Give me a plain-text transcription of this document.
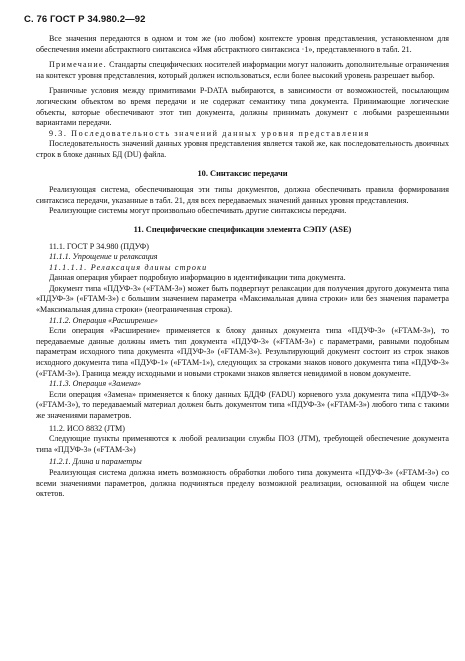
С. 76 ГОСТ Р 34.980.2—92

Все значения передаются в одном и том же (но любом) контексте уровня представления, установленном для обеспечения имени абстрактного синтаксиса «Имя абстрактного синтаксиса ·1», представленного в табл. 21.

Примечание. Стандарты специфических носителей информации могут наложить дополнительные ограничения на контекст уровня представления, который должен использоваться, если более высокий уровень разрешает выбор.

Граничные условия между примитивами P-DATA выбираются, в зависимости от возможностей, посылающим логическим объектом во время передачи и не содержат семантику типа документа. Принимающие логические объекты, которые обеспечивают этот тип документа, должны принимать документ с любыми разрешенными вариантами передачи.

9.3. Последовательность значений данных уровня представления

Последовательность значений данных уровня представления является такой же, как последовательность двоичных строк в блоке данных БД (DU) файла.

10. Синтаксис передачи

Реализующая система, обеспечивающая эти типы документов, должна обеспечивать правила формирования синтаксиса передачи, указанные в табл. 21, для всех передаваемых значений данных уровня представления.

Реализующие системы могут произвольно обеспечивать другие синтаксисы передачи.

11. Специфические спецификации элемента СЭПУ (ASE)

11.1. ГОСТ Р 34.980 (ПДУФ)

11.1.1. Упрощение и релаксация

11.1.1.1. Релаксация длины строки

Данная операция убирает подробную информацию в идентификации типа документа.

Документ типа «ПДУФ-3» («FTAM-3») может быть подвергнут релаксации для получения другого документа типа «ПДУФ-3» («FTAM-3») с большим значением параметра «Максимальная длина строки» или без значения параметра «Максимальная длина строки» (неограниченная строка).

11.1.2. Операция «Расширение»

Если операция «Расширение» применяется к блоку данных документа типа «ПДУФ-3» («FTAM-3»), то передаваемые данные должны иметь тип документа «ПДУФ-3» («FTAM-3») с параметрами, равными подобным параметрам исходного типа документа «ПДУФ-3» («FTAM-3»). Результирующий документ состоит из строк знаков исходного документа типа «ПДУФ-1» («FTAM-1»), следующих за строками знаков нового документа типа «ПДУФ-3» («FTAM-3»). Граница между исходными и новыми строками знаков является невидимой в новом документе.

11.1.3. Операция «Замена»

Если операция «Замена» применяется к блоку данных БДДФ (FADU) корневого узла документа типа «ПДУФ-3» («FTAM-3»), то передаваемый материал должен быть документом типа «ПДУФ-3» («FTAM-3») любого типа с такими же значениями параметров.

11.2. ИСО 8832 (JTM)

Следующие пункты применяются к любой реализации службы ПОЗ (JTM), требующей обеспечение документа типа «ПДУФ-3» («FTAM-3»)

11.2.1. Длина и параметры

Реализующая система должна иметь возможность обработки любого типа документа «ПДУФ-3» («FTAM-3») со всеми значениями параметров, должна подчиняться пределу возможной реализации, основанной на общем числе октетов.
